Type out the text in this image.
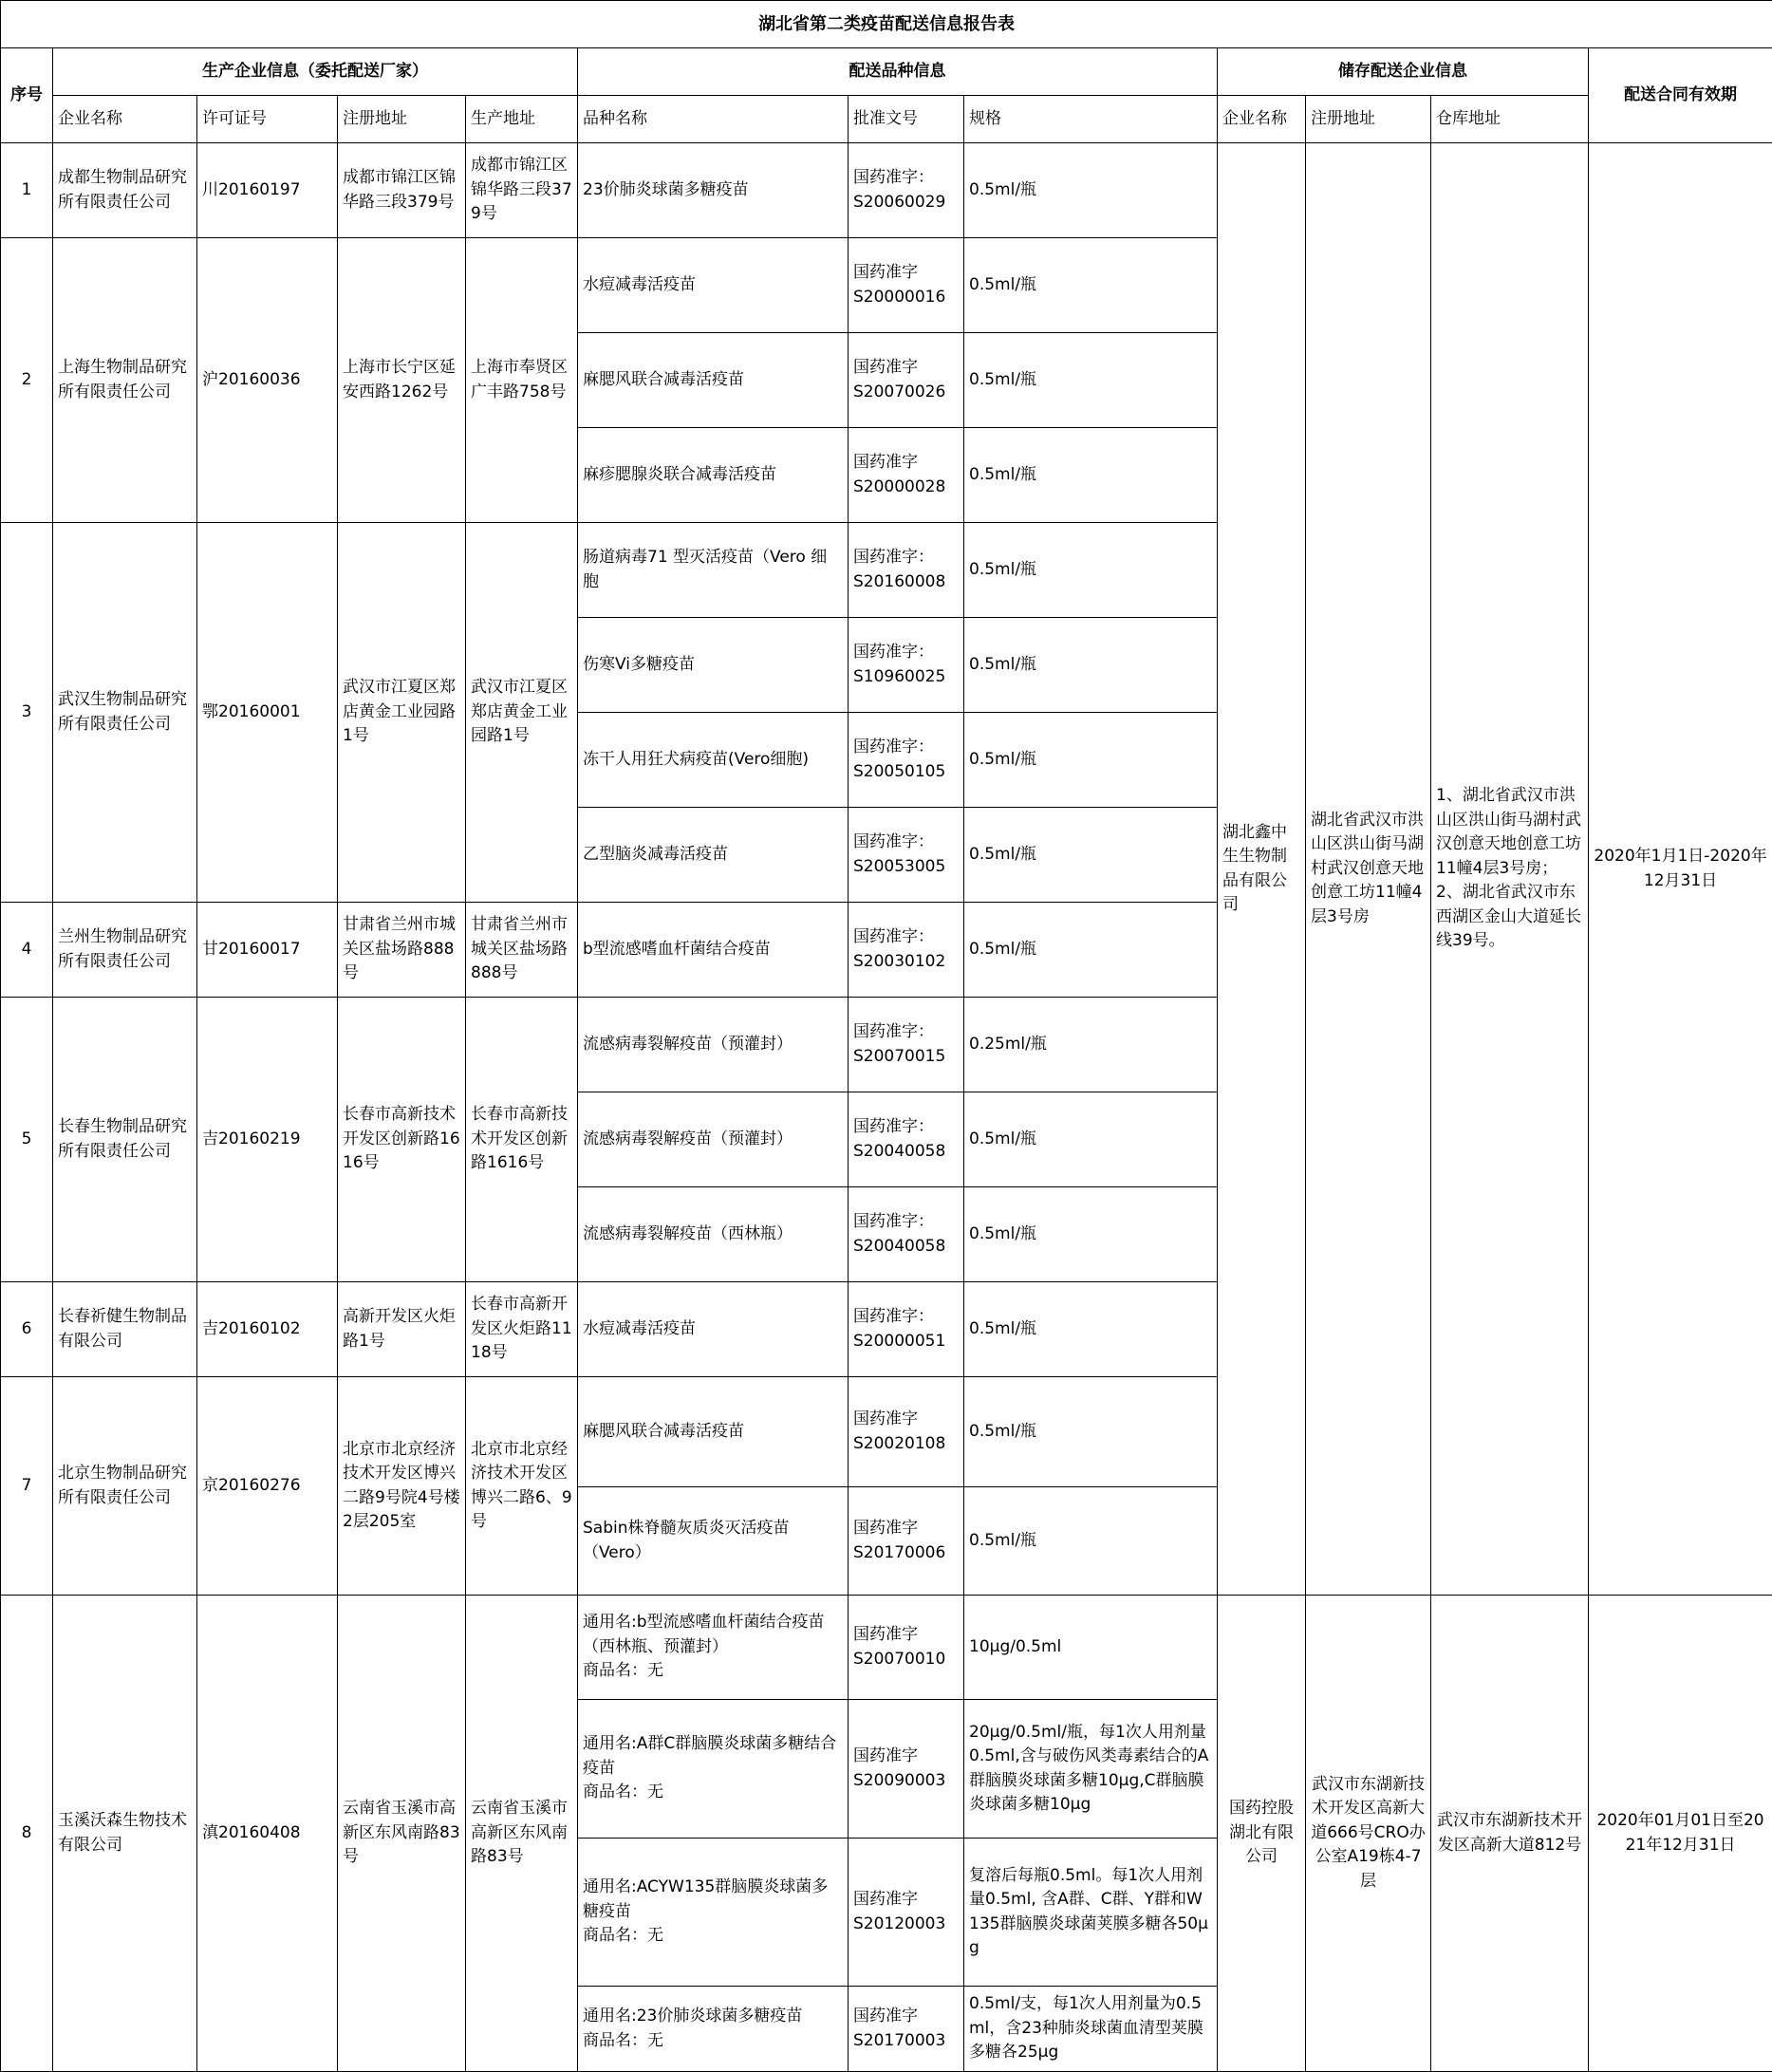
湖北省第二类疫苗配送信息报告表											
序号	生产企业信息（委托配送厂家）				配送品种信息			储存配送企业信息			配送合同有效期
	企业名称	许可证号	注册地址	生产地址	品种名称	批准文号	规格	企业名称	注册地址	仓库地址	
1	成都生物制品研究所有限责任公司	川20160197	成都市锦江区锦华路三段379号	成都市锦江区锦华路三段379号	23价肺炎球菌多糖疫苗	国药准字：
S20060029	0.5ml/瓶	湖北鑫中生生物制品有限公司	湖北省武汉市洪山区洪山街马湖村武汉创意天地创意工坊11幢4层3号房	1、湖北省武汉市洪山区洪山街马湖村武汉创意天地创意工坊11幢4层3号房；2、湖北省武汉市东西湖区金山大道延长线39号。	2020年1月1日-2020年12月31日
2	上海生物制品研究所有限责任公司	沪20160036	上海市长宁区延安西路1262号	上海市奉贤区广丰路758号	水痘减毒活疫苗	国药准字
S20000016	0.5ml/瓶				

					麻腮风联合减毒活疫苗	国药准字
S20070026	0.5ml/瓶				

					麻疹腮腺炎联合减毒活疫苗	国药准字
S20000028	0.5ml/瓶				
3	武汉生物制品研究所有限责任公司	鄂20160001	武汉市江夏区郑店黄金工业园路1号	武汉市江夏区郑店黄金工业园路1号	肠道病毒71 型灭活疫苗（Vero 细胞	国药准字：
S20160008	0.5ml/瓶				

					伤寒Vi多糖疫苗	国药准字：
S10960025	0.5ml/瓶				

					冻干人用狂犬病疫苗(Vero细胞)	国药准字：
S20050105	0.5ml/瓶				

					乙型脑炎减毒活疫苗	国药准字：
S20053005	0.5ml/瓶				
4	兰州生物制品研究所有限责任公司	甘20160017	甘肃省兰州市城关区盐场路888号	甘肃省兰州市城关区盐场路888号	b型流感嗜血杆菌结合疫苗	国药准字：
S20030102	0.5ml/瓶				
5	长春生物制品研究所有限责任公司	吉20160219	长春市高新技术开发区创新路1616号	长春市高新技术开发区创新路1616号	流感病毒裂解疫苗（预灌封）	国药准字：
S20070015	0.25ml/瓶				

					流感病毒裂解疫苗（预灌封）	国药准字：
S20040058	0.5ml/瓶				

					流感病毒裂解疫苗（西林瓶）	国药准字：
S20040058	0.5ml/瓶				
6	长春祈健生物制品有限公司	吉20160102	高新开发区火炬路1号	长春市高新开发区火炬路1118号	水痘减毒活疫苗	国药准字：
S20000051	0.5ml/瓶				
7	北京生物制品研究所有限责任公司	京20160276	北京市北京经济技术开发区博兴二路9号院4号楼2层205室	北京市北京经济技术开发区博兴二路6、9号	麻腮风联合减毒活疫苗	国药准字
S20020108	0.5ml/瓶				

					Sabin株脊髓灰质炎灭活疫苗
（Vero）	国药准字
S20170006	0.5ml/瓶				
8	玉溪沃森生物技术有限公司	滇20160408	云南省玉溪市高新区东风南路83号	云南省玉溪市高新区东风南路83号	通用名:b型流感嗜血杆菌结合疫苗（西林瓶、预灌封）
商品名：无	国药准字
S20070010	10μg/0.5ml	国药控股湖北有限公司	武汉市东湖新技术开发区高新大道666号CRO办公室A19栋4-7层	武汉市东湖新技术开发区高新大道812号	2020年01月01日至2021年12月31日

					通用名:A群C群脑膜炎球菌多糖结合疫苗
商品名：无	国药准字
S20090003	20μg/0.5ml/瓶，每1次人用剂量0.5ml,含与破伤风类毒素结合的A群脑膜炎球菌多糖10μg,C群脑膜炎球菌多糖10μg				

					通用名:ACYW135群脑膜炎球菌多糖疫苗
商品名：无	国药准字
S20120003	复溶后每瓶0.5ml。每1次人用剂量0.5ml, 含A群、C群、Y群和W135群脑膜炎球菌荚膜多糖各50μg				

					通用名:23价肺炎球菌多糖疫苗
商品名：无	国药准字
S20170003	0.5ml/支，每1次人用剂量为0.5ml，含23种肺炎球菌血清型荚膜多糖各25μg				
